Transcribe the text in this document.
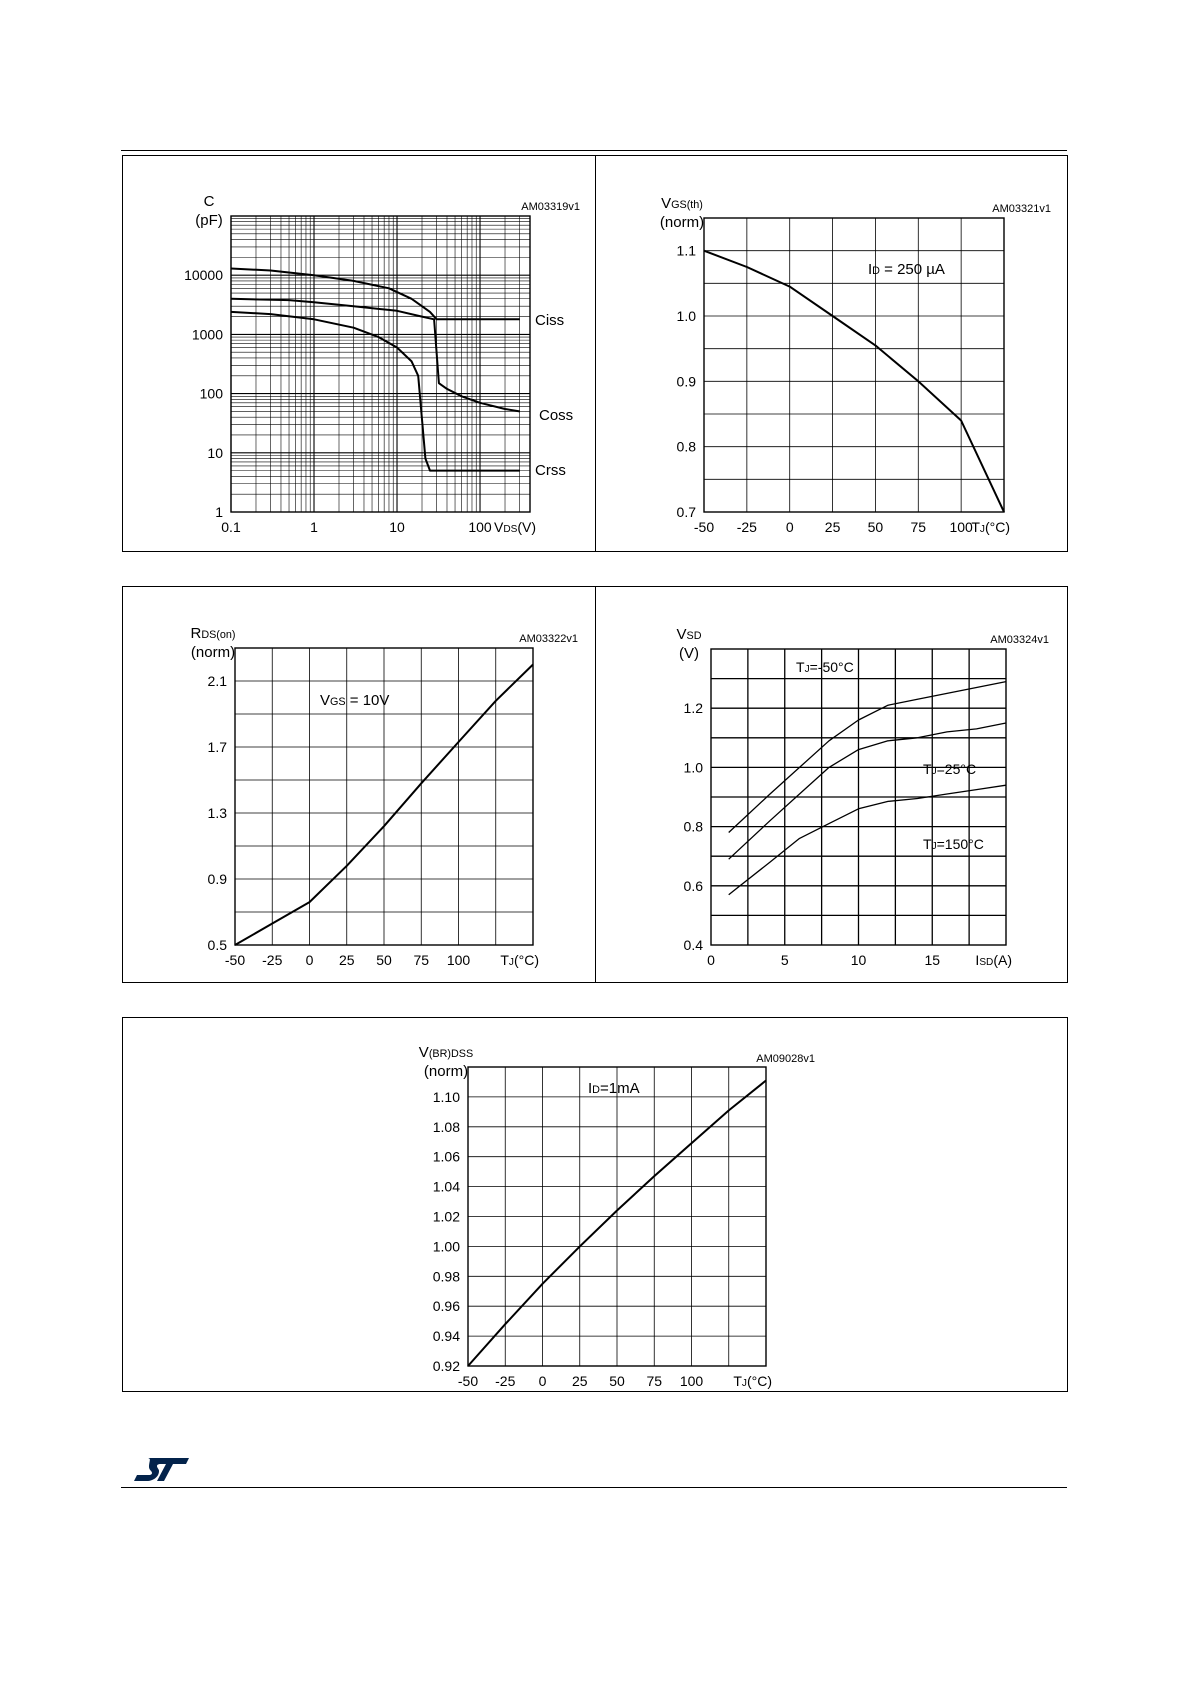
0.1	1	10	100
1
10
100
1000
10000
AM03319v1
C
(pF)
VDS(V)
Ciss
Coss
Crss
-50 -25 0 25 50 75 100
0.7
0.8
0.9
1.0
1.1
AM03321v1
VGS(th)
(norm)
TJ(°C)
ID = 250 µA
-50 -25 0 25 50 75 100
0.5
0.9
1.3
1.7
2.1
AM03322v1
RDS(on)
(norm)
TJ(°C)
VGS = 10V
0	5	10	15
0.4
0.6
0.8
1.0
1.2
AM03324v1
VSD
(V)
ISD(A)
TJ=-50°C
TJ=25°C
TJ=150°C
-50 -25 0 25 50 75 100
0.92
0.94
0.96
0.98
1.00
1.02
1.04
1.06
1.08
1.10
AM09028v1
V(BR)DSS
(norm)
TJ(°C)
ID=1mA
